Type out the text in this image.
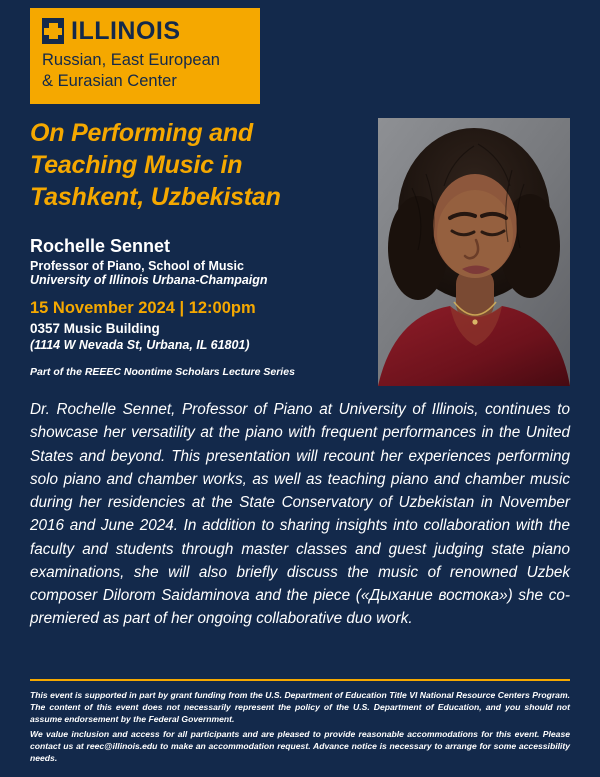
ILLINOIS
Russian, East European
& Eurasian Center
On Performing and Teaching Music in Tashkent, Uzbekistan
Rochelle Sennet
Professor of Piano, School of Music
University of Illinois Urbana-Champaign
15 November 2024 | 12:00pm
0357 Music Building
(1114 W Nevada St, Urbana, IL 61801)
Part of the REEEC Noontime Scholars Lecture Series
Dr. Rochelle Sennet, Professor of Piano at University of Illinois, continues to showcase her versatility at the piano with frequent performances in the United States and beyond. This presentation will recount her experiences performing solo piano and chamber works, as well as teaching piano and chamber music during her residencies at the State Conservatory of Uzbekistan in November 2016 and June 2024. In addition to sharing insights into collaboration with the faculty and students through master classes and guest judging state piano examinations, she will also briefly discuss the music of renowned Uzbek composer Dilorom Saidaminova and the piece («Дыхание востока») she co-premiered as part of her ongoing collaborative duo work.
This event is supported in part by grant funding from the U.S. Department of Education Title VI National Resource Centers Program. The content of this event does not necessarily represent the policy of the U.S. Department of Education, and you should not assume endorsement by the Federal Government.
We value inclusion and access for all participants and are pleased to provide reasonable accommodations for this event. Please contact us at reec@illinois.edu to make an accommodation request. Advance notice is necessary to arrange for some accessibility needs.
